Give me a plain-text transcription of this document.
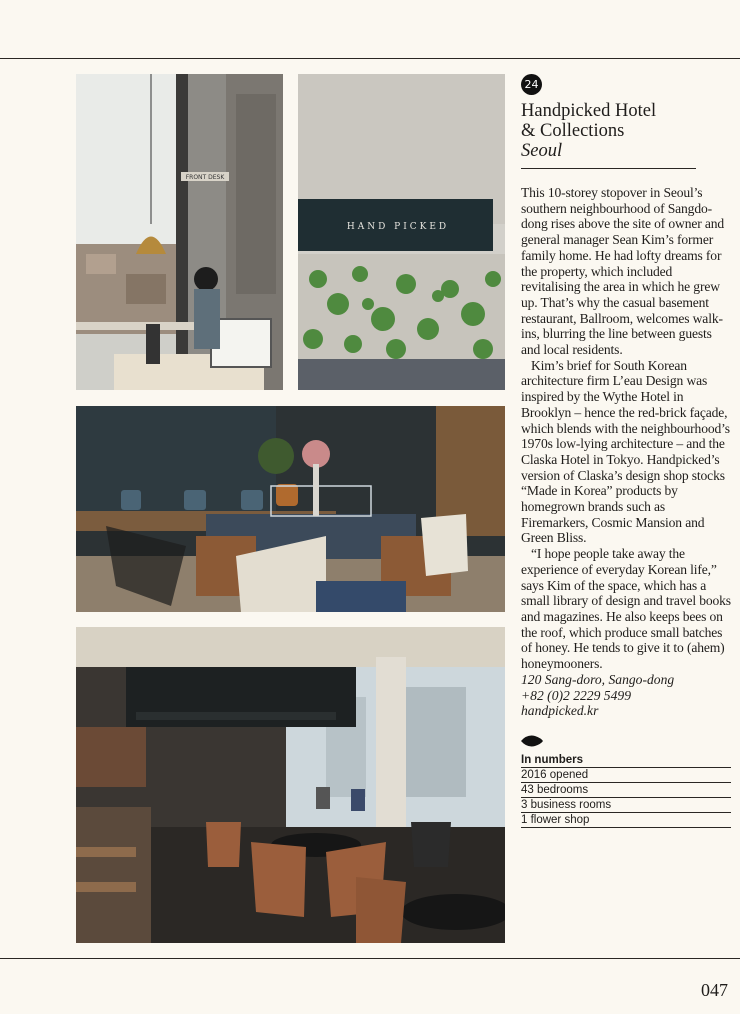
FRONT DESK
HAND PICKED
24
Handpicked Hotel
& Collections
Seoul

This 10-storey stopover in Seoul’s southern neighbourhood of Sangdo-dong rises above the site of owner and general manager Sean Kim’s former family home. He had lofty dreams for the property, which included revitalising the area in which he grew up. That’s why the casual basement restaurant, Ballroom, welcomes walk-ins, blurring the line between guests and local residents.

Kim’s brief for South Korean architecture firm L’eau Design was inspired by the Wythe Hotel in Brooklyn – hence the red-brick façade, which blends with the neighbourhood’s 1970s low-lying architecture – and the Claska Hotel in Tokyo. Handpicked’s version of Claska’s design shop stocks “Made in Korea” products by homegrown brands such as Firemarkers, Cosmic Mansion and Green Bliss.

“I hope people take away the experience of everyday Korean life,” says Kim of the space, which has a small library of design and travel books and magazines. He also keeps bees on the roof, which produce small batches of honey. He tends to give it to (ahem) honeymooners.

120 Sang-doro, Sango-dong
+82 (0)2 2229 5499
handpicked.kr
In numbers
2016 opened
43 bedrooms
3 business rooms
1 flower shop
047
